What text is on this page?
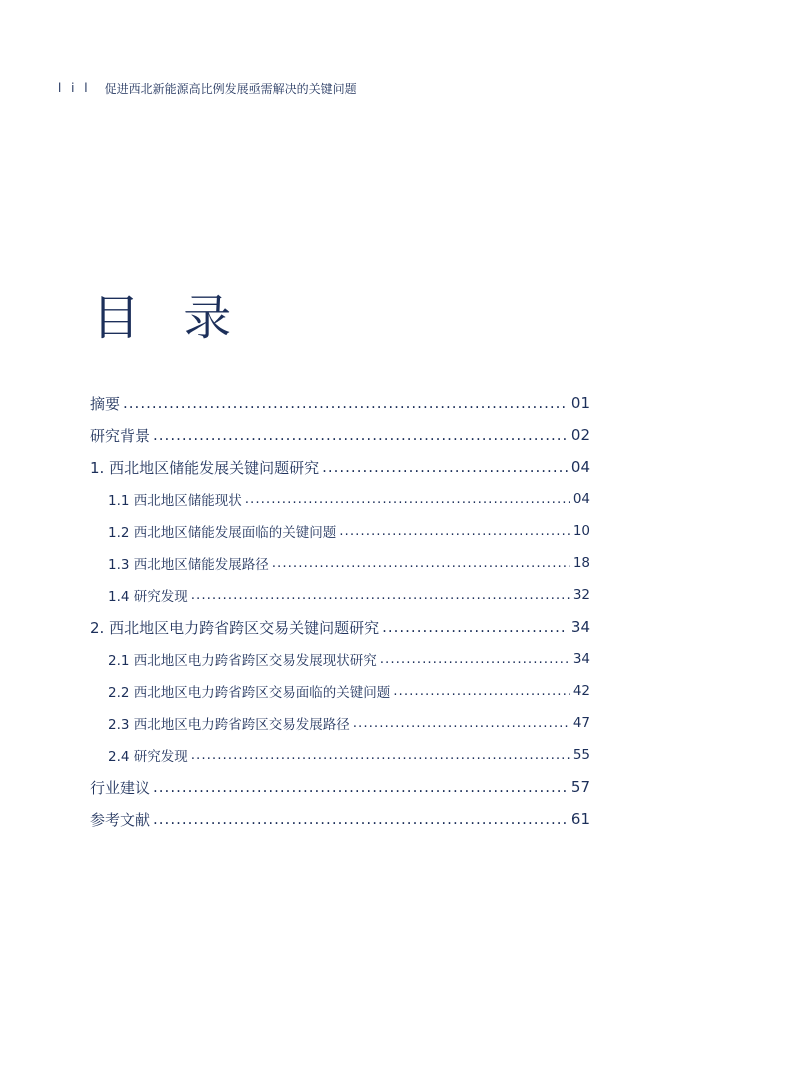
l i l 促进西北新能源高比例发展亟需解决的关键问题
目 录
摘要 .....	01
研究背景 .....	02
1. 西北地区储能发展关键问题研究 .....	04
1.1 西北地区储能现状 .....	04
1.2 西北地区储能发展面临的关键问题 .....	10
1.3 西北地区储能发展路径 .....	18
1.4 研究发现 .....	32
2. 西北地区电力跨省跨区交易关键问题研究 .....	34
2.1 西北地区电力跨省跨区交易发展现状研究 .....	34
2.2 西北地区电力跨省跨区交易面临的关键问题 .....	42
2.3 西北地区电力跨省跨区交易发展路径 .....	47
2.4 研究发现 .....	55
行业建议 .....	57
参考文献 .....	61
